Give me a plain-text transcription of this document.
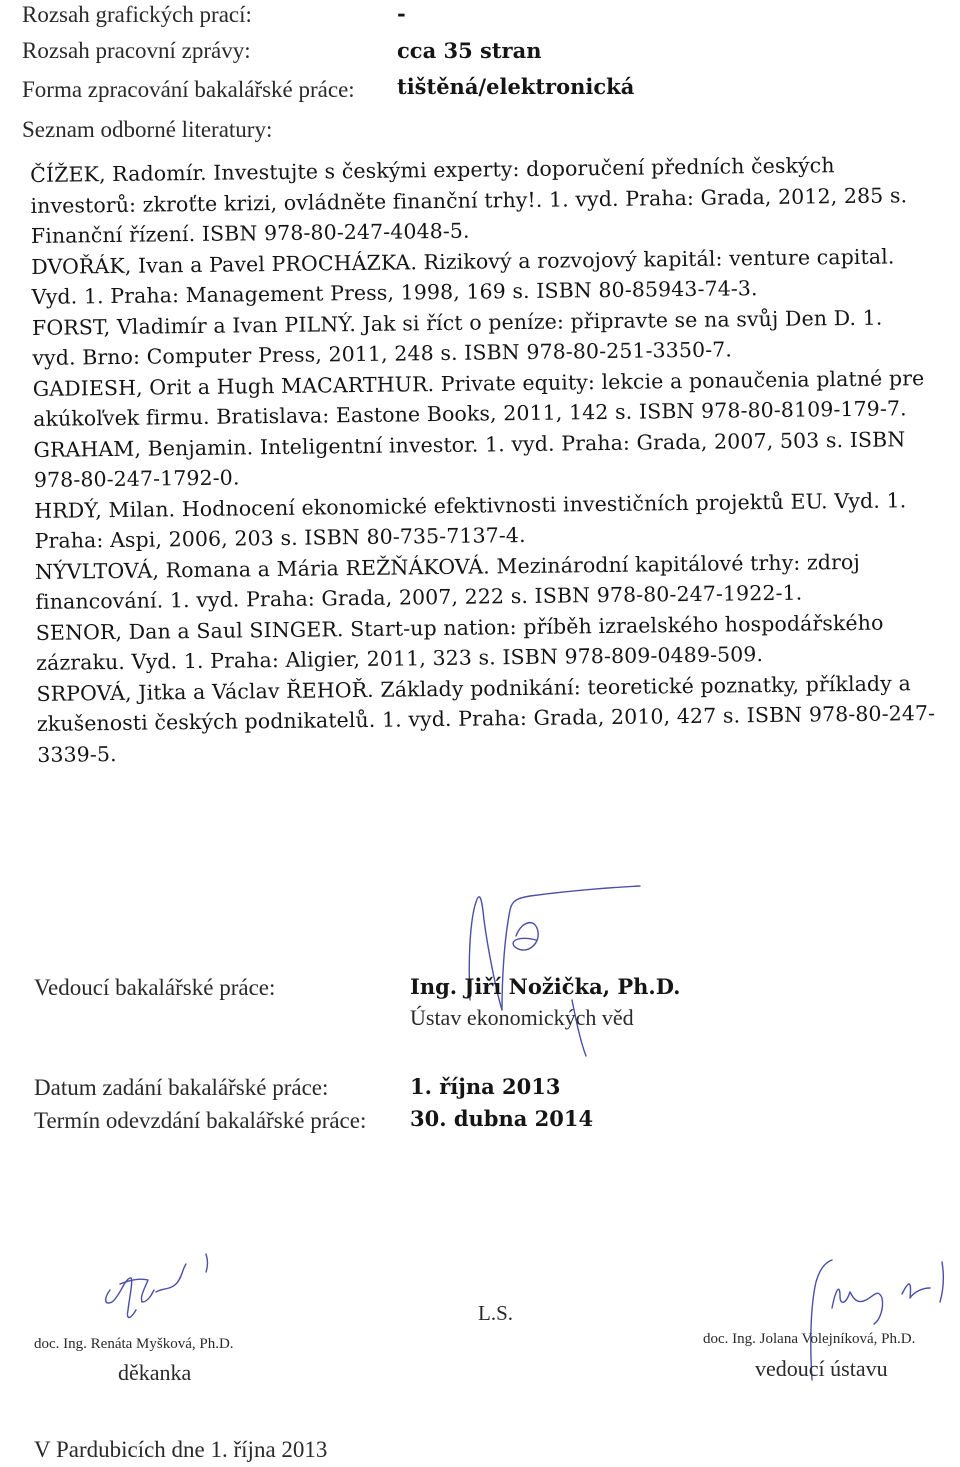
Rozsah grafických prací:	-
Rozsah pracovní zprávy:	cca 35 stran
Forma zpracování bakalářské práce: tištěná/elektronická
Seznam odborné literatury:

ČÍŽEK, Radomír. Investujte s českými experty: doporučení předních českých investorů: zkroťte krizi, ovládněte finanční trhy!. 1. vyd. Praha: Grada, 2012, 285 s. Finanční řízení. ISBN 978-80-247-4048-5.

DVOŘÁK, Ivan a Pavel PROCHÁZKA. Rizikový a rozvojový kapitál: venture capital. Vyd. 1. Praha: Management Press, 1998, 169 s. ISBN 80-85943-74-3.

FORST, Vladimír a Ivan PILNÝ. Jak si říct o peníze: připravte se na svůj Den D. 1. vyd. Brno: Computer Press, 2011, 248 s. ISBN 978-80-251-3350-7.

GADIESH, Orit a Hugh MACARTHUR. Private equity: lekcie a ponaučenia platné pre akúkoľvek firmu. Bratislava: Eastone Books, 2011, 142 s. ISBN 978-80-8109-179-7.

GRAHAM, Benjamin. Inteligentní investor. 1. vyd. Praha: Grada, 2007, 503 s. ISBN 978-80-247-1792-0.

HRDÝ, Milan. Hodnocení ekonomické efektivnosti investičních projektů EU. Vyd. 1. Praha: Aspi, 2006, 203 s. ISBN 80-735-7137-4.

NÝVLTOVÁ, Romana a Mária REŽŇÁKOVÁ. Mezinárodní kapitálové trhy: zdroj financování. 1. vyd. Praha: Grada, 2007, 222 s. ISBN 978-80-247-1922-1.

SENOR, Dan a Saul SINGER. Start-up nation: příběh izraelského hospodářského zázraku. Vyd. 1. Praha: Aligier, 2011, 323 s. ISBN 978-809-0489-509.

SRPOVÁ, Jitka a Václav ŘEHOŘ. Základy podnikání: teoretické poznatky, příklady a zkušenosti českých podnikatelů. 1. vyd. Praha: Grada, 2010, 427 s. ISBN 978-80-247-3339-5.

Vedoucí bakalářské práce:	Ing. Jiří Nožička, Ph.D.
Ústav ekonomických věd
Datum zadání bakalářské práce:	1. října 2013
Termín odevzdání bakalářské práce: 30. dubna 2014
doc. Ing. Renáta Myšková, Ph.D.
děkanka
L.S.
doc. Ing. Jolana Volejníková, Ph.D.
vedoucí ústavu
V Pardubicích dne 1. října 2013
